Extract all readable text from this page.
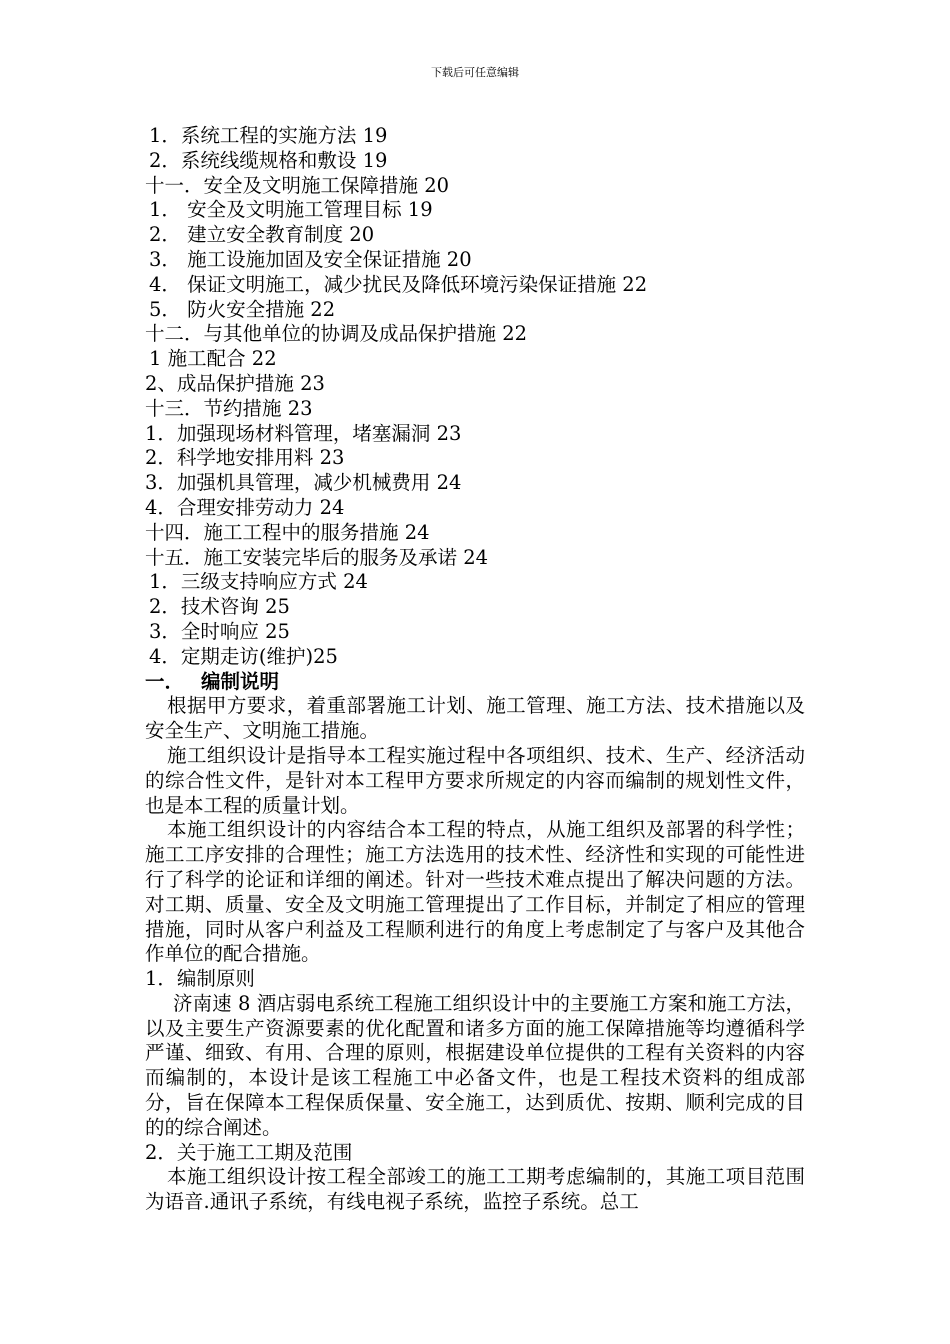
下载后可任意编辑
1．系统工程的实施方法 19
2．系统线缆规格和敷设 19
十一．安全及文明施工保障措施 20
1． 安全及文明施工管理目标 19
2． 建立安全教育制度 20
3． 施工设施加固及安全保证措施 20
4． 保证文明施工，减少扰民及降低环境污染保证措施 22
5． 防火安全措施 22
十二．与其他单位的协调及成品保护措施 22
1 施工配合 22
2、成品保护措施 23
十三．节约措施 23
1．加强现场材料管理，堵塞漏洞 23
2．科学地安排用料 23
3．加强机具管理，减少机械费用 24
4．合理安排劳动力 24
十四．施工工程中的服务措施 24
十五．施工安装完毕后的服务及承诺 24
1．三级支持响应方式 24
2．技术咨询 25
3．全时响应 25
4．定期走访(维护)25
一． 编制说明

根据甲方要求，着重部署施工计划、施工管理、施工方法、技术措施以及安全生产、文明施工措施。

施工组织设计是指导本工程实施过程中各项组织、技术、生产、经济活动的综合性文件，是针对本工程甲方要求所规定的内容而编制的规划性文件，也是本工程的质量计划。

本施工组织设计的内容结合本工程的特点，从施工组织及部署的科学性；施工工序安排的合理性；施工方法选用的技术性、经济性和实现的可能性进行了科学的论证和详细的阐述。针对一些技术难点提出了解决问题的方法。对工期、质量、安全及文明施工管理提出了工作目标，并制定了相应的管理措施，同时从客户利益及工程顺利进行的角度上考虑制定了与客户及其他合作单位的配合措施。

1．编制原则

济南速 8 酒店弱电系统工程施工组织设计中的主要施工方案和施工方法，以及主要生产资源要素的优化配置和诸多方面的施工保障措施等均遵循科学严谨、细致、有用、合理的原则，根据建设单位提供的工程有关资料的内容而编制的，本设计是该工程施工中必备文件，也是工程技术资料的组成部分，旨在保障本工程保质保量、安全施工，达到质优、按期、顺利完成的目的的综合阐述。

2．关于施工工期及范围

本施工组织设计按工程全部竣工的施工工期考虑编制的，其施工项目范围为语音.通讯子系统，有线电视子系统，监控子系统。总工
